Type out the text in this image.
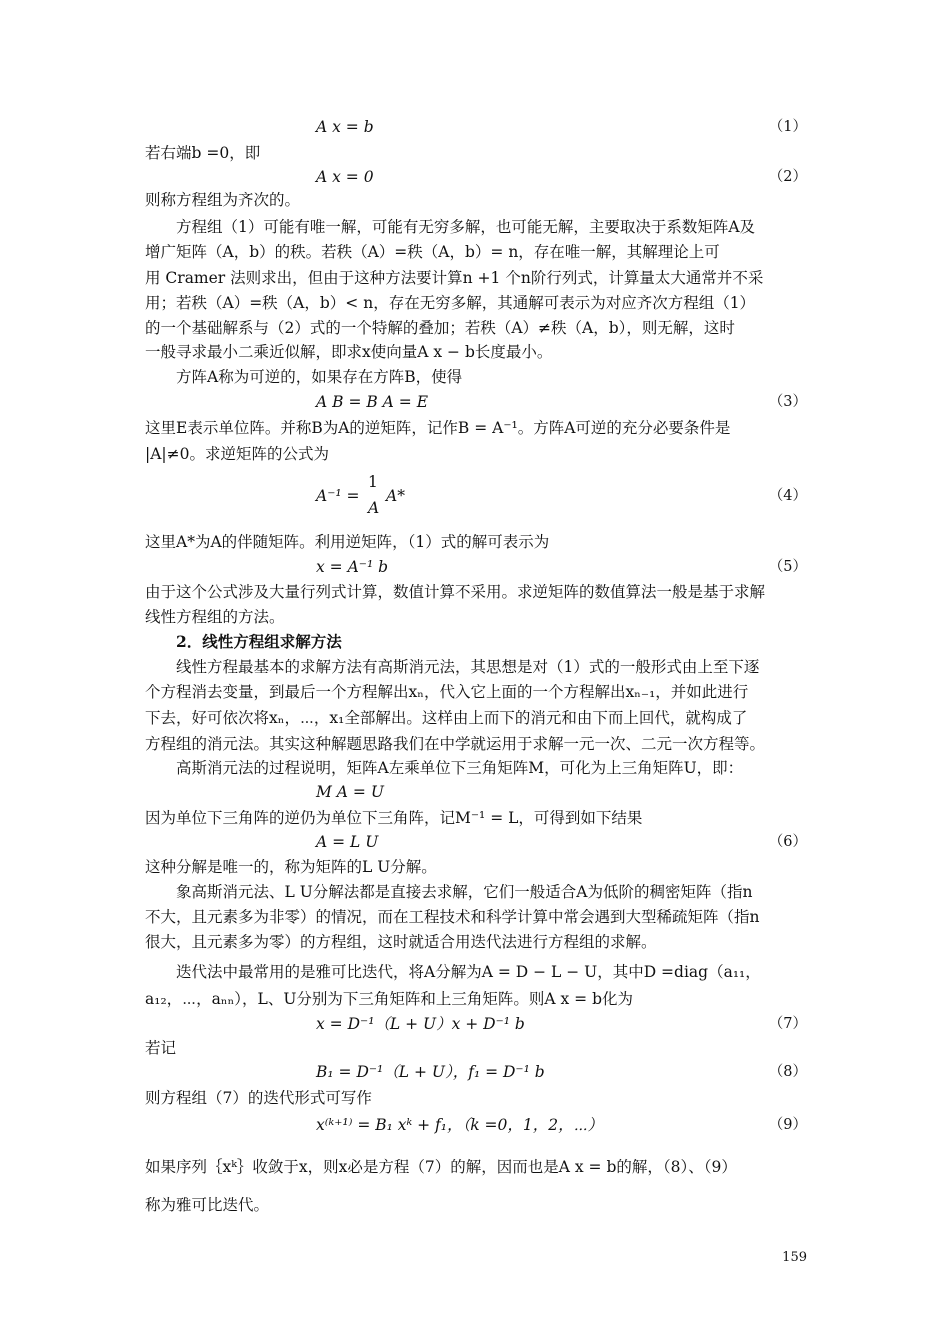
A x = b	（1）
若右端b =0，即
A x = 0	（2）
则称方程组为齐次的。
　　方程组（1）可能有唯一解，可能有无穷多解，也可能无解，主要取决于系数矩阵A及
增广矩阵（A，b）的秩。若秩（A）=秩（A，b）= n，存在唯一解，其解理论上可
用 Cramer 法则求出，但由于这种方法要计算n +1 个n阶行列式，计算量太大通常并不采
用；若秩（A）=秩（A，b）< n，存在无穷多解，其通解可表示为对应齐次方程组（1）
的一个基础解系与（2）式的一个特解的叠加；若秩（A）≠秩（A，b），则无解，这时
一般寻求最小二乘近似解，即求x使向量A x − b长度最小。
　　方阵A称为可逆的，如果存在方阵B，使得
A B = B A = E	（3）
这里E表示单位阵。并称B为A的逆矩阵，记作B = A⁻¹。方阵A可逆的充分必要条件是
|A|≠0。求逆矩阵的公式为
A⁻¹ =
1
A
A*	（4）
这里A*为A的伴随矩阵。利用逆矩阵，（1）式的解可表示为
x = A⁻¹ b	（5）
由于这个公式涉及大量行列式计算，数值计算不采用。求逆矩阵的数值算法一般是基于求解
线性方程组的方法。
　　2．线性方程组求解方法
　　线性方程最基本的求解方法有高斯消元法，其思想是对（1）式的一般形式由上至下逐
个方程消去变量，到最后一个方程解出xₙ，代入它上面的一个方程解出xₙ₋₁，并如此进行
下去，好可依次将xₙ，⋯，x₁全部解出。这样由上而下的消元和由下而上回代，就构成了
方程组的消元法。其实这种解题思路我们在中学就运用于求解一元一次、二元一次方程等。
　　高斯消元法的过程说明，矩阵A左乘单位下三角矩阵M，可化为上三角矩阵U，即：
M A = U
因为单位下三角阵的逆仍为单位下三角阵，记M⁻¹ = L，可得到如下结果
A = L U	（6）
这种分解是唯一的，称为矩阵的L U分解。
　　象高斯消元法、L U分解法都是直接去求解，它们一般适合A为低阶的稠密矩阵（指n
不大，且元素多为非零）的情况，而在工程技术和科学计算中常会遇到大型稀疏矩阵（指n
很大，且元素多为零）的方程组，这时就适合用迭代法进行方程组的求解。
　　迭代法中最常用的是雅可比迭代，将A分解为A = D − L − U，其中D =diag（a₁₁，
a₁₂，⋯，aₙₙ），L、U分别为下三角矩阵和上三角矩阵。则A x = b化为
x = D⁻¹（L + U）x + D⁻¹ b	（7）
若记
B₁ = D⁻¹（L + U），f₁ = D⁻¹ b	（8）
则方程组（7）的迭代形式可写作
x⁽ᵏ⁺¹⁾ = B₁ xᵏ + f₁，（k =0，1，2，⋯）	（9）
如果序列｛xᵏ｝收敛于x，则x必是方程（7）的解，因而也是A x = b的解，（8）、（9）
称为雅可比迭代。
159
